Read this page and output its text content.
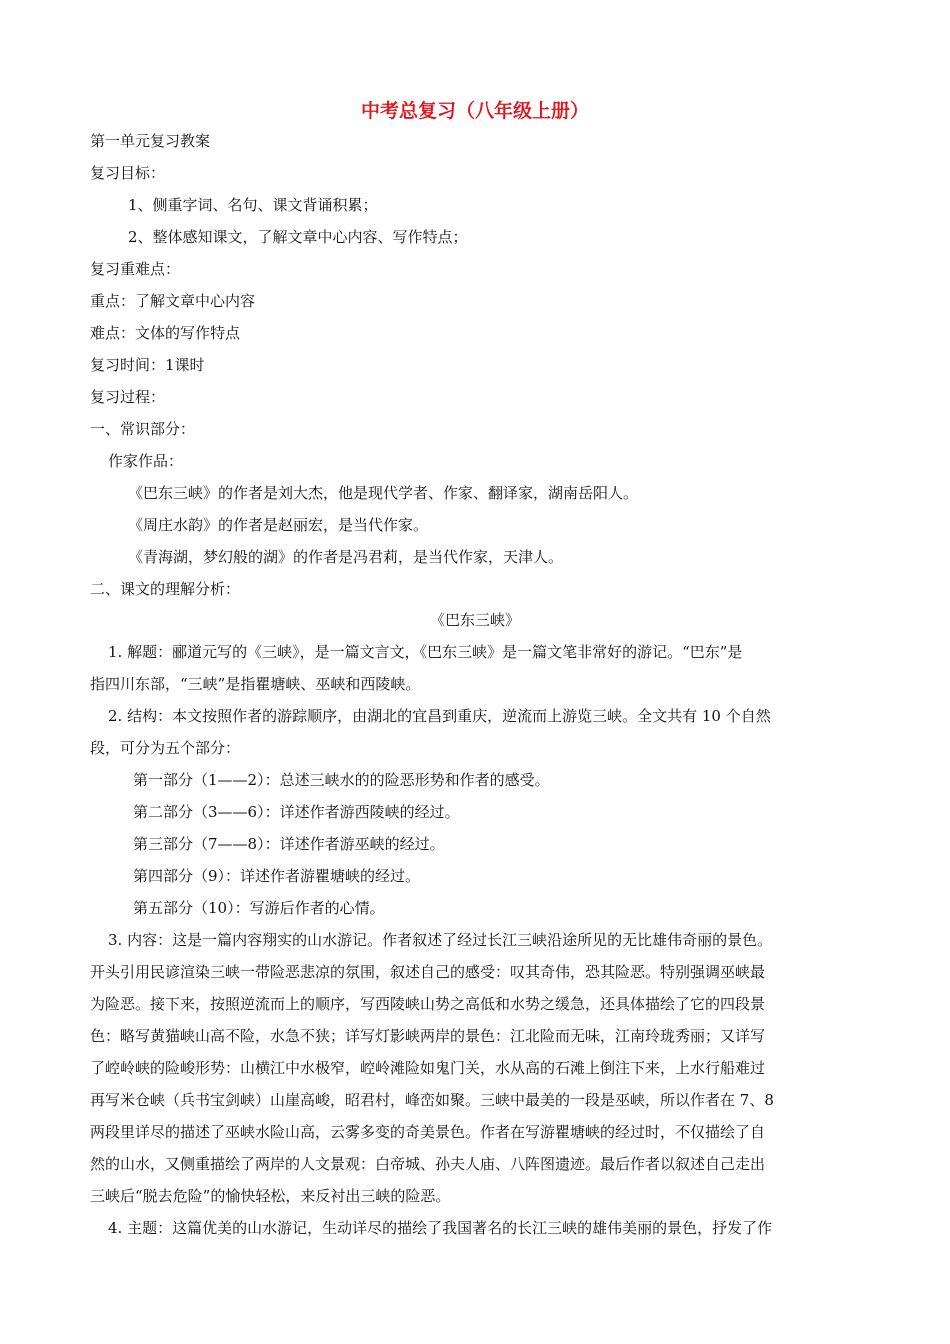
中考总复习（八年级上册）
第一单元复习教案
复习目标：
1、侧重字词、名句、课文背诵积累；
2、整体感知课文，了解文章中心内容、写作特点；
复习重难点：
重点：了解文章中心内容
难点：文体的写作特点
复习时间：1课时
复习过程：
一、常识部分：
作家作品：
《巴东三峡》的作者是刘大杰，他是现代学者、作家、翻译家，湖南岳阳人。
《周庄水韵》的作者是赵丽宏，是当代作家。
《青海湖，梦幻般的湖》的作者是冯君莉，是当代作家，天津人。
二、课文的理解分析：
《巴东三峡》
1. 解题：郦道元写的《三峡》，是一篇文言文，《巴东三峡》是一篇文笔非常好的游记。“巴东”是
指四川东部，“三峡”是指瞿塘峡、巫峡和西陵峡。
2. 结构：本文按照作者的游踪顺序，由湖北的宜昌到重庆，逆流而上游览三峡。全文共有 10 个自然
段，可分为五个部分：
第一部分（1——2）：总述三峡水的的险恶形势和作者的感受。
第二部分（3——6）：详述作者游西陵峡的经过。
第三部分（7——8）：详述作者游巫峡的经过。
第四部分（9）：详述作者游瞿塘峡的经过。
第五部分（10）：写游后作者的心情。
3. 内容：这是一篇内容翔实的山水游记。作者叙述了经过长江三峡沿途所见的无比雄伟奇丽的景色。
开头引用民谚渲染三峡一带险恶悲凉的氛围，叙述自己的感受：叹其奇伟，恐其险恶。特别强调巫峡最
为险恶。接下来，按照逆流而上的顺序，写西陵峡山势之高低和水势之缓急，还具体描绘了它的四段景
色：略写黄猫峡山高不险，水急不狭；详写灯影峡两岸的景色：江北险而无味，江南玲珑秀丽；又详写
了崆岭峡的险峻形势：山横江中水极窄，崆岭滩险如鬼门关，水从高的石滩上倒注下来，上水行船难过
再写米仓峡（兵书宝剑峡）山崖高峻，昭君村，峰峦如聚。三峡中最美的一段是巫峡，所以作者在 7、8
两段里详尽的描述了巫峡水险山高，云雾多变的奇美景色。作者在写游瞿塘峡的经过时，不仅描绘了自
然的山水，又侧重描绘了两岸的人文景观：白帝城、孙夫人庙、八阵图遗迹。最后作者以叙述自己走出
三峡后“脱去危险”的愉快轻松，来反衬出三峡的险恶。
4. 主题：这篇优美的山水游记，生动详尽的描绘了我国著名的长江三峡的雄伟美丽的景色，抒发了作
